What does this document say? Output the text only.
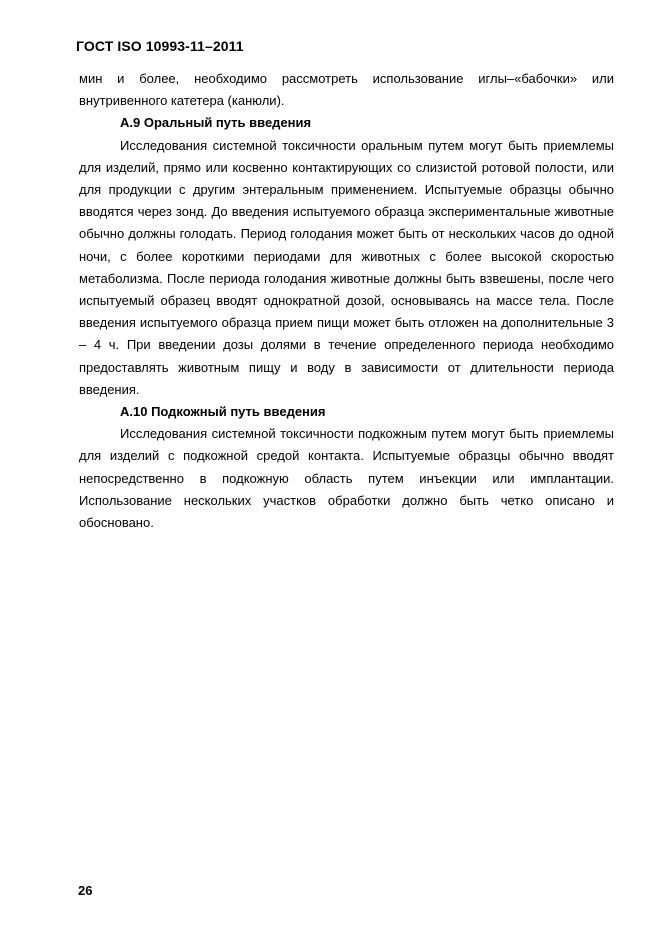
ГОСТ ISO 10993-11–2011

мин и более, необходимо рассмотреть использование иглы–«бабочки» или внутривенного катетера (канюли).

А.9 Оральный путь введения

Исследования системной токсичности оральным путем могут быть приемлемы для изделий, прямо или косвенно контактирующих со слизистой ротовой полости, или для продукции с другим энтеральным применением. Испытуемые образцы обычно вводятся через зонд. До введения испытуемого образца экспериментальные животные обычно должны голодать. Период голодания может быть от нескольких часов до одной ночи, с более короткими периодами для животных с более высокой скоростью метаболизма. После периода голодания животные должны быть взвешены, после чего испытуемый образец вводят однократной дозой, основываясь на массе тела. После введения испытуемого образца прием пищи может быть отложен на дополнительные 3 – 4 ч. При введении дозы долями в течение определенного периода необходимо предоставлять животным пищу и воду в зависимости от длительности периода введения.

А.10 Подкожный путь введения

Исследования системной токсичности подкожным путем могут быть приемлемы для изделий с подкожной средой контакта. Испытуемые образцы обычно вводят непосредственно в подкожную область путем инъекции или имплантации. Использование нескольких участков обработки должно быть четко описано и обосновано.

26
